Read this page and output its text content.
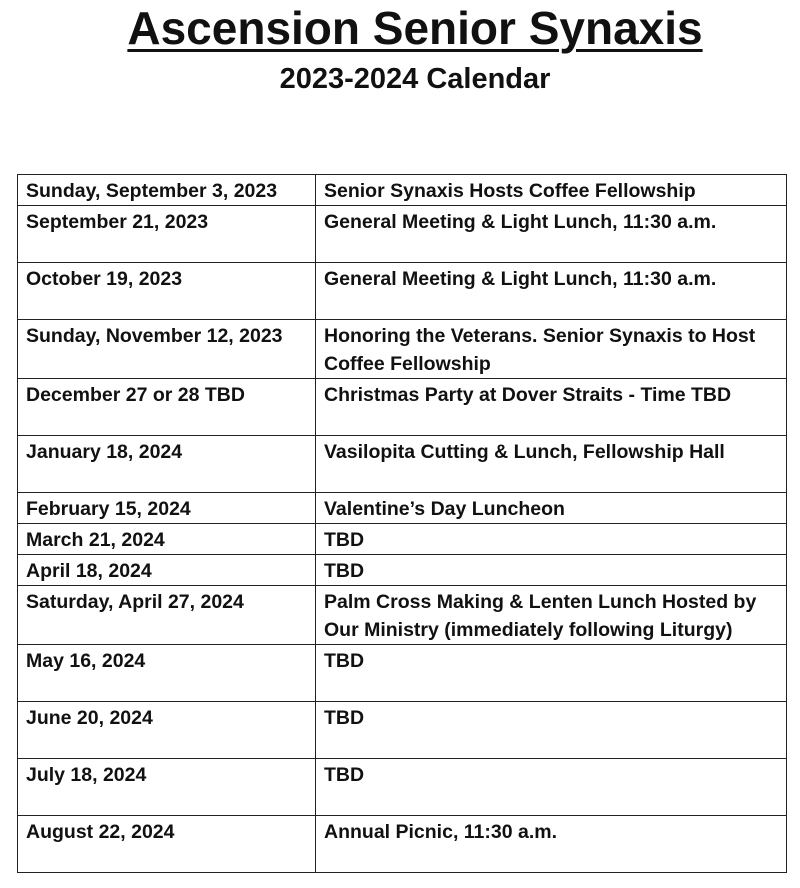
Ascension Senior Synaxis
2023-2024 Calendar
Sunday, September 3, 2023	Senior Synaxis Hosts Coffee Fellowship
September 21, 2023	General Meeting & Light Lunch, 11:30 a.m.
October 19, 2023	General Meeting & Light Lunch, 11:30 a.m.
Sunday, November 12, 2023	Honoring the Veterans. Senior Synaxis to Host Coffee Fellowship
December 27 or 28 TBD	Christmas Party at Dover Straits - Time TBD
January 18, 2024	Vasilopita Cutting & Lunch, Fellowship Hall
February 15, 2024	Valentine’s Day Luncheon
March 21, 2024	TBD
April 18, 2024	TBD
Saturday, April 27, 2024	Palm Cross Making & Lenten Lunch Hosted by Our Ministry (immediately following Liturgy)
May 16, 2024	TBD
June 20, 2024	TBD
July 18, 2024	TBD
August 22, 2024	Annual Picnic, 11:30 a.m.
